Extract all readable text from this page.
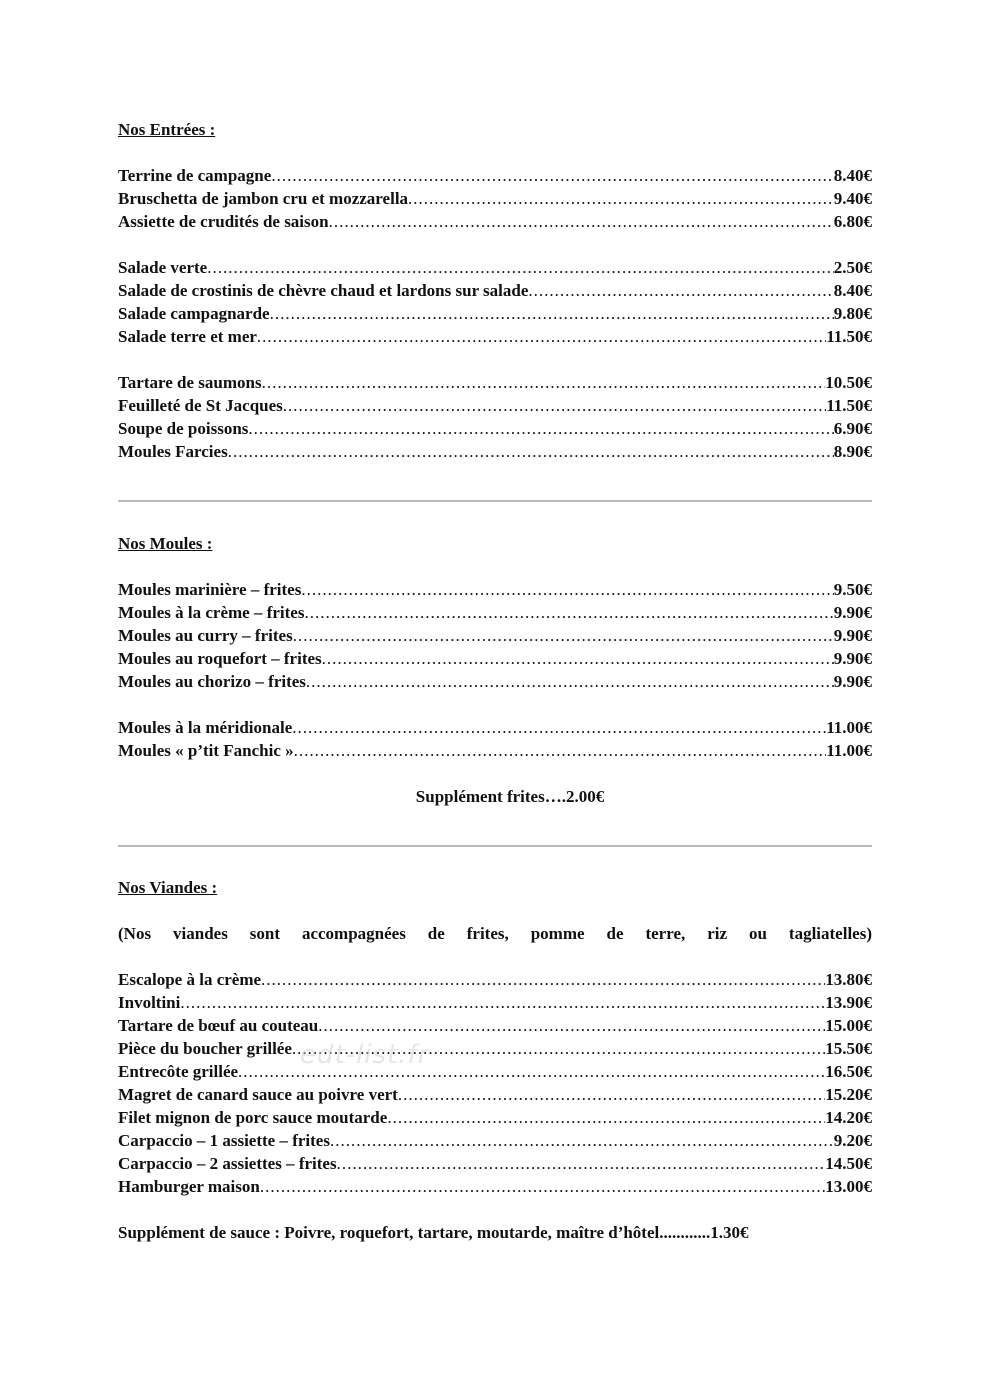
Nos Entrées :
Terrine de campagne .....	8.40€
Bruschetta de jambon cru et mozzarella .....	9.40€
Assiette de crudités de saison .....	6.80€
Salade verte .....	2.50€
Salade de crostinis de chèvre chaud et lardons sur salade .....	8.40€
Salade campagnarde .....	9.80€
Salade terre et mer .....	11.50€
Tartare de saumons .....	10.50€
Feuilleté de St Jacques .....	11.50€
Soupe de poissons .....	6.90€
Moules Farcies .....	8.90€
Nos Moules :
Moules marinière – frites .....	9.50€
Moules à la crème – frites .....	9.90€
Moules au curry – frites .....	9.90€
Moules au roquefort – frites .....	9.90€
Moules au chorizo – frites .....	9.90€
Moules à la méridionale .....	11.00€
Moules « p’tit Fanchic » .....	11.00€
Supplément frites….2.00€
Nos Viandes :
(Nos viandes sont accompagnées de frites, pomme de terre, riz ou tagliatelles)
Escalope à la crème .....	13.80€
Involtini .....	13.90€
Tartare de bœuf au couteau .....	15.00€
Pièce du boucher grillée .....	15.50€
Entrecôte grillée .....	16.50€
Magret de canard sauce au poivre vert .....	15.20€
Filet mignon de porc sauce moutarde .....	14.20€
Carpaccio – 1 assiette – frites .....	9.20€
Carpaccio – 2 assiettes – frites .....	14.50€
Hamburger maison .....	13.00€
Supplément de sauce : Poivre, roquefort, tartare, moutarde, maître d’hôtel............1.30€
edt-list.fr
